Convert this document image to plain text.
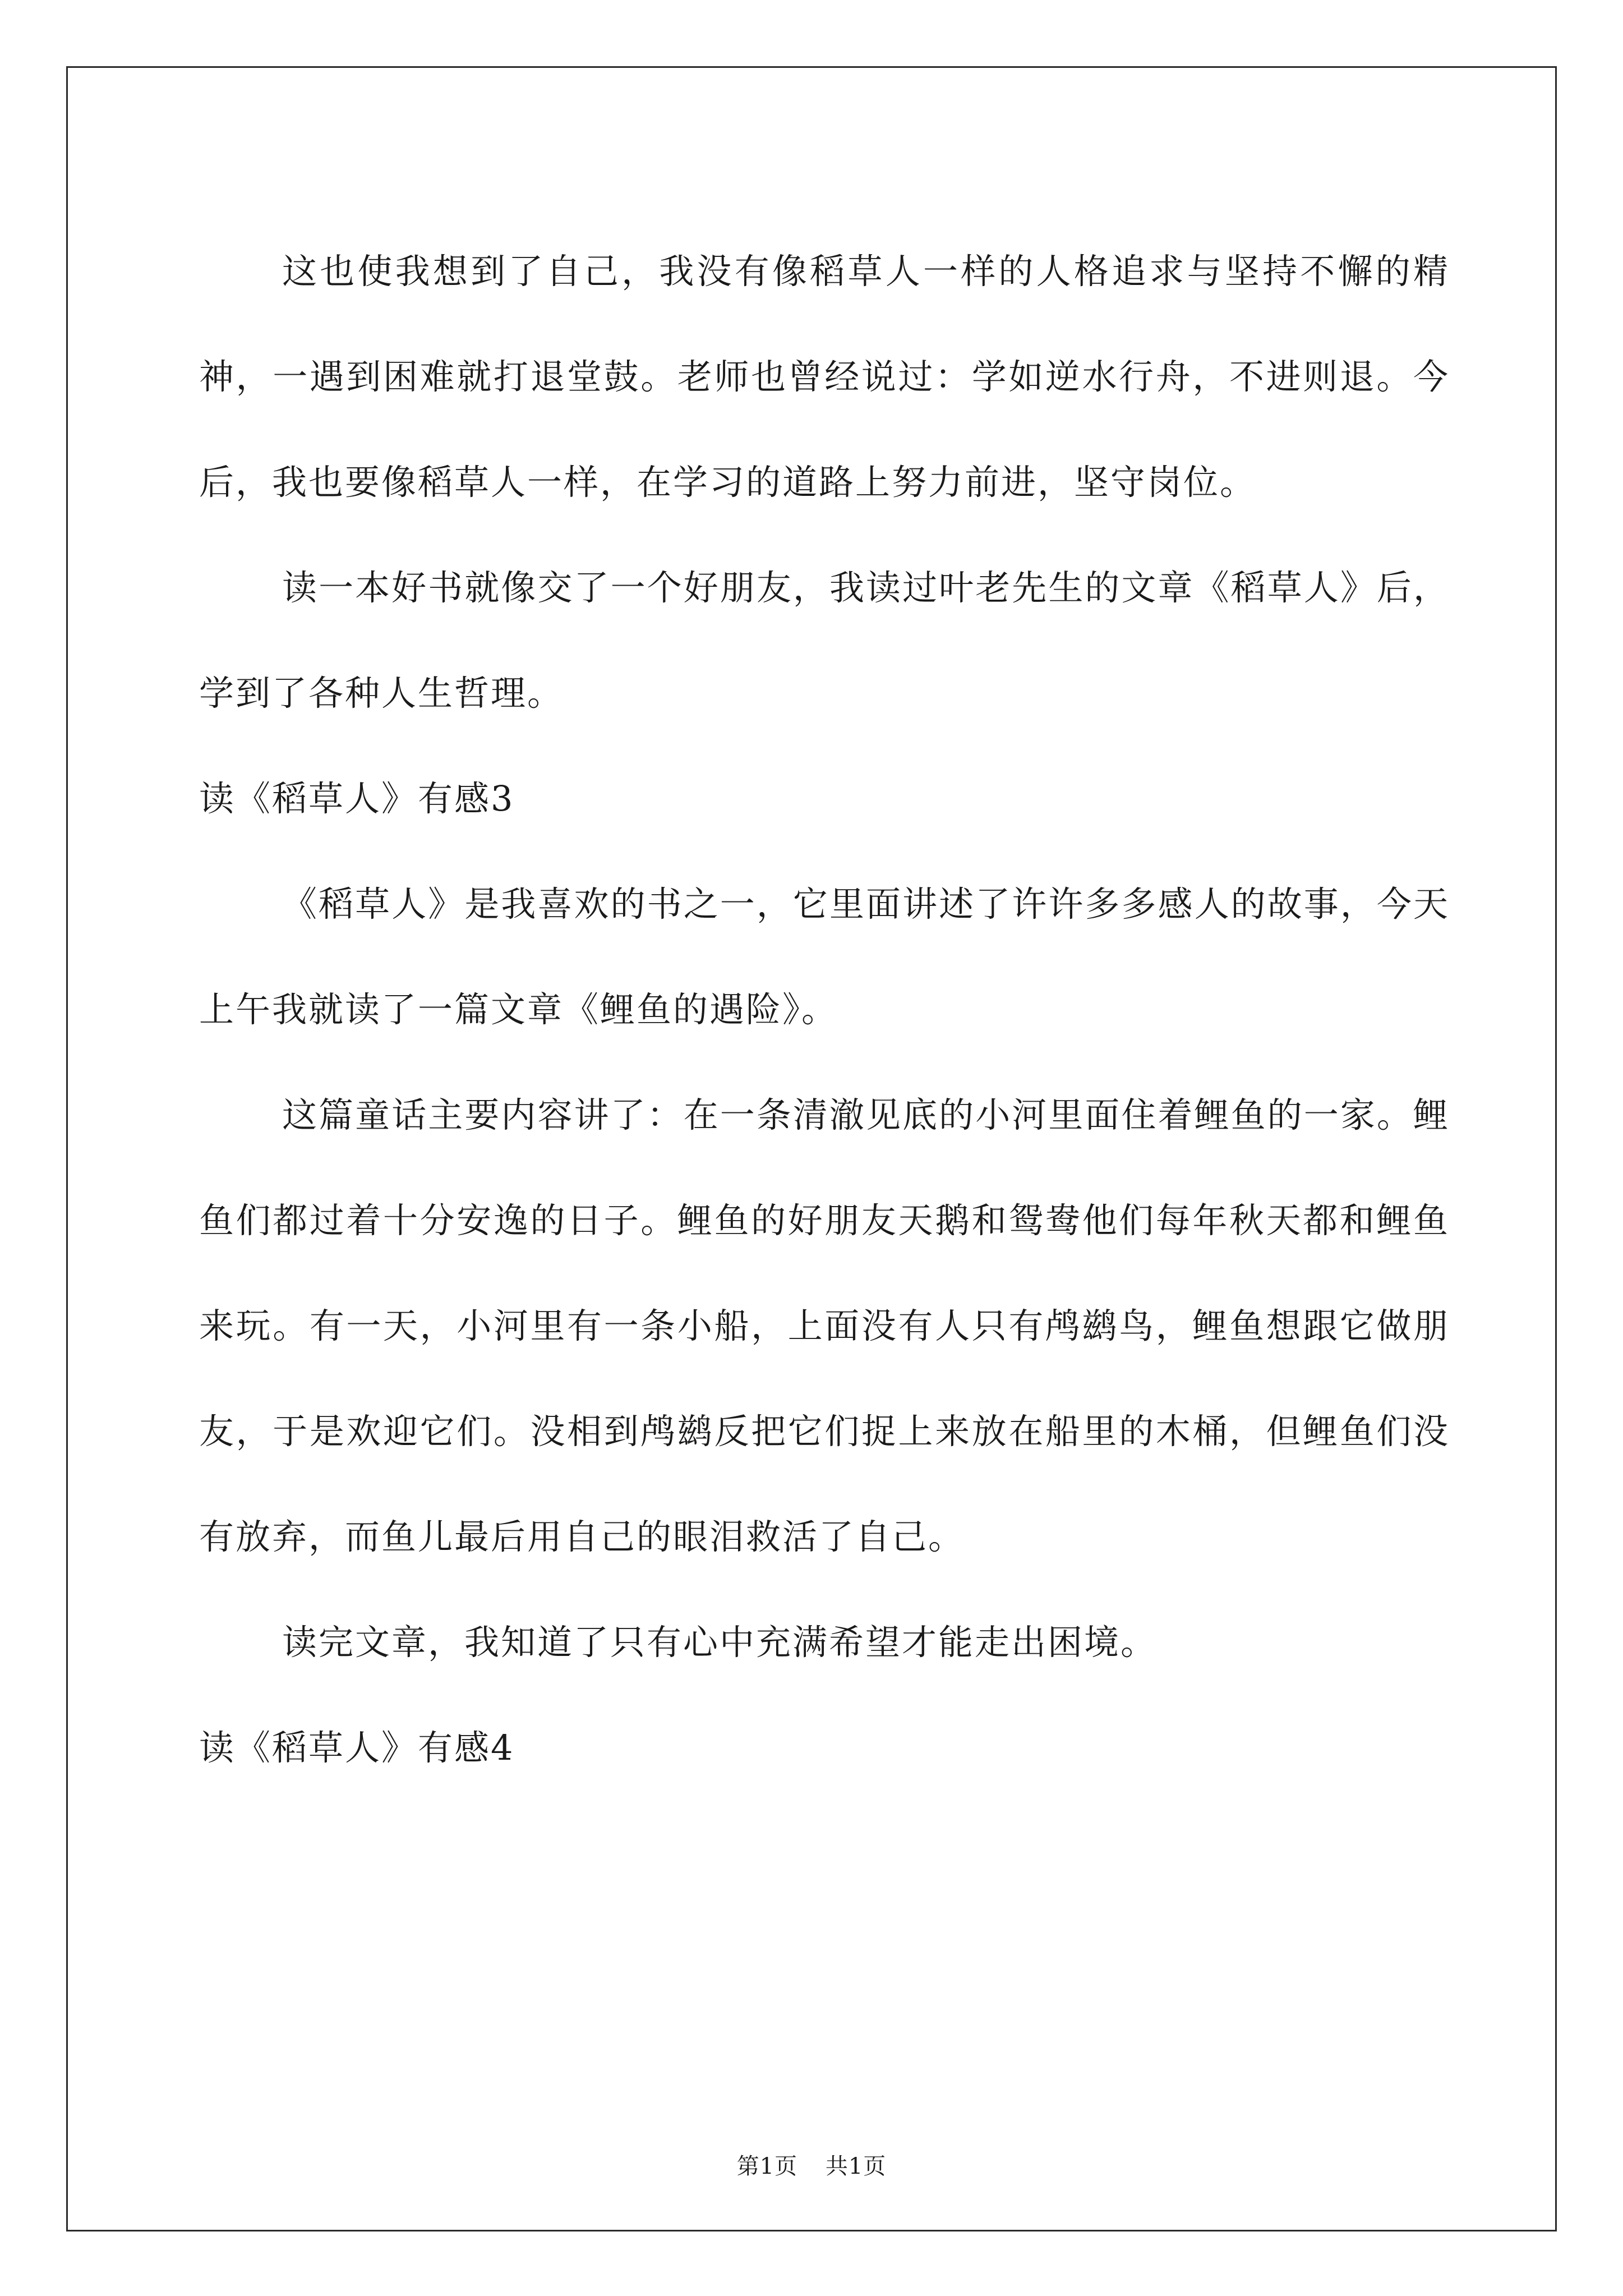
这也使我想到了自己，我没有像稻草人一样的人格追求与坚持不懈的精神，一遇到困难就打退堂鼓。老师也曾经说过：学如逆水行舟，不进则退。今后，我也要像稻草人一样，在学习的道路上努力前进，坚守岗位。

读一本好书就像交了一个好朋友，我读过叶老先生的文章《稻草人》后，学到了各种人生哲理。

读《稻草人》有感3

《稻草人》是我喜欢的书之一，它里面讲述了许许多多感人的故事，今天上午我就读了一篇文章《鲤鱼的遇险》。

这篇童话主要内容讲了：在一条清澈见底的小河里面住着鲤鱼的一家。鲤鱼们都过着十分安逸的日子。鲤鱼的好朋友天鹅和鸳鸯他们每年秋天都和鲤鱼来玩。有一天，小河里有一条小船，上面没有人只有鸬鹚鸟，鲤鱼想跟它做朋友，于是欢迎它们。没相到鸬鹚反把它们捉上来放在船里的木桶，但鲤鱼们没有放弃，而鱼儿最后用自己的眼泪救活了自己。

读完文章，我知道了只有心中充满希望才能走出困境。

读《稻草人》有感4
第1页 共1页
